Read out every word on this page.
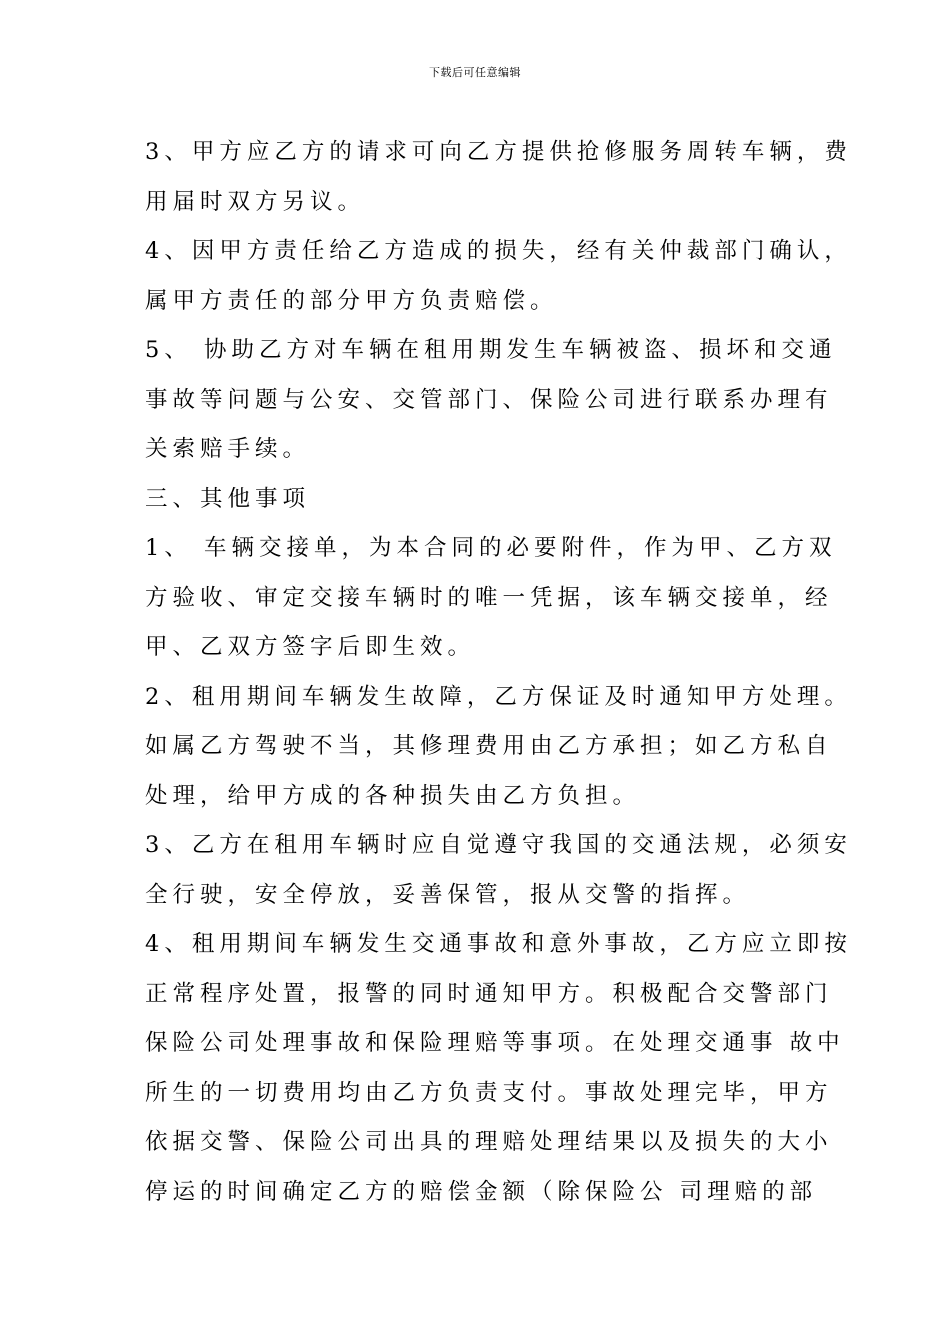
下载后可任意编辑
3、甲方应乙方的请求可向乙方提供抢修服务周转车辆，费
用届时双方另议。
4、因甲方责任给乙方造成的损失，经有关仲裁部门确认，
属甲方责任的部分甲方负责赔偿。
5、 协助乙方对车辆在租用期发生车辆被盗、损坏和交通
事故等问题与公安、交管部门、保险公司进行联系办理有
关索赔手续。
三、其他事项
1、 车辆交接单，为本合同的必要附件，作为甲、乙方双
方验收、审定交接车辆时的唯一凭据，该车辆交接单，经
甲、乙双方签字后即生效。
2、租用期间车辆发生故障，乙方保证及时通知甲方处理。
如属乙方驾驶不当，其修理费用由乙方承担；如乙方私自
处理，给甲方成的各种损失由乙方负担。
3、乙方在租用车辆时应自觉遵守我国的交通法规，必须安
全行驶，安全停放，妥善保管，报从交警的指挥。
4、租用期间车辆发生交通事故和意外事故，乙方应立即按
正常程序处置，报警的同时通知甲方。积极配合交警部门
保险公司处理事故和保险理赔等事项。在处理交通事 故中
所生的一切费用均由乙方负责支付。事故处理完毕，甲方
依据交警、保险公司出具的理赔处理结果以及损失的大小
停运的时间确定乙方的赔偿金额（除保险公 司理赔的部
